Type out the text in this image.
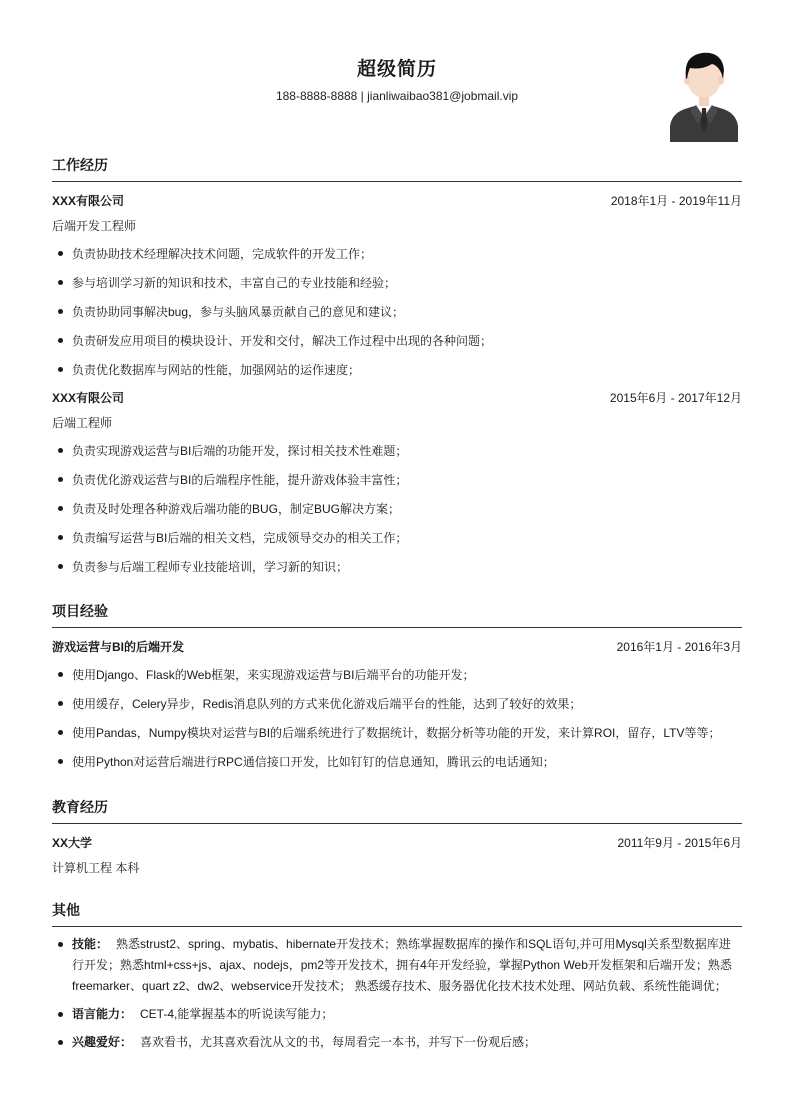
超级简历
188-8888-8888 | jianliwaibao381@jobmail.vip
工作经历
XXX有限公司	2018年1月 - 2019年11月
后端开发工程师
负责协助技术经理解决技术问题，完成软件的开发工作；
参与培训学习新的知识和技术，丰富自己的专业技能和经验；
负责协助同事解决bug，参与头脑风暴贡献自己的意见和建议；
负责研发应用项目的模块设计、开发和交付，解决工作过程中出现的各种问题；
负责优化数据库与网站的性能，加强网站的运作速度；
XXX有限公司	2015年6月 - 2017年12月
后端工程师
负责实现游戏运营与BI后端的功能开发，探讨相关技术性难题；
负责优化游戏运营与BI的后端程序性能，提升游戏体验丰富性；
负责及时处理各种游戏后端功能的BUG，制定BUG解决方案；
负责编写运营与BI后端的相关文档，完成领导交办的相关工作；
负责参与后端工程师专业技能培训，学习新的知识；
项目经验
游戏运营与BI的后端开发	2016年1月 - 2016年3月
使用Django、Flask的Web框架，来实现游戏运营与BI后端平台的功能开发；
使用缓存，Celery异步，Redis消息队列的方式来优化游戏后端平台的性能，达到了较好的效果；
使用Pandas，Numpy模块对运营与BI的后端系统进行了数据统计，数据分析等功能的开发，来计算ROI，留存，LTV等等；
使用Python对运营后端进行RPC通信接口开发，比如钉钉的信息通知，腾讯云的电话通知；
教育经历
XX大学	2011年9月 - 2015年6月
计算机工程 本科
其他
技能： 熟悉strust2、spring、mybatis、hibernate开发技术；熟练掌握数据库的操作和SQL语句,并可用Mysql关系型数据库进
行开发；熟悉html+css+js、ajax、nodejs，pm2等开发技术，拥有4年开发经验，掌握Python Web开发框架和后端开发；熟悉
freemarker、quart z2、dw2、webservice开发技术； 熟悉缓存技术、服务器优化技术技术处理、网站负载、系统性能调优；
语言能力： CET-4,能掌握基本的听说读写能力；
兴趣爱好： 喜欢看书，尤其喜欢看沈从文的书，每周看完一本书，并写下一份观后感；
